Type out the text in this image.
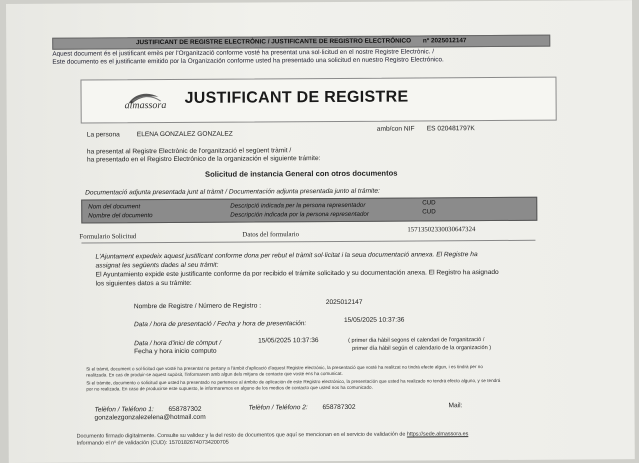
JUSTIFICANT DE REGISTRE ELECTRÒNIC / JUSTIFICANTE DE REGISTRO ELECTRÓNICO nº 2025012147
Aquest document és el justificant emès per l'Organització conforme vosté ha presentat una sol·licitud en el nostre Registre Electrònic. /
Este documento es el justificante emitido por la Organización conforme usted ha presentado una solicitud en nuestro Registro Electrónico.
almassora JUSTIFICANT DE REGISTRE
La persona	ELENA GONZALEZ GONZALEZ
amb/con NIF ES 020481797K
ha presentat al Registre Electrònic de l'organització el següent tràmit /
ha presentado en el Registro Electrónico de la organización el siguiente trámite:
Solicitud de instancia General con otros documentos
Documentació adjunta presentada junt al tràmit / Documentación adjunta presentada junto al trámite:
Nom del document	Descripció indicada per la persona representador	CUD
Nombre del documento	Descripción indicada por la persona representador	CUD
Formulario Solicitud	Datos del formulario
15713502330030647324
L'Ajuntament expedeix aquest justificant conforme dona per rebut el tràmit sol·licitat i la seua documentació annexa. El Registre ha
assignat les següents dades al seu tràmit:
El Ayuntamiento expide este justificante conforme da por recibido el trámite solicitado y su documentación anexa. El Registro ha asignado
los siguientes datos a su trámite:
Nombre de Registre / Número de Registro :
2025012147
Data / hora de presentació / Fecha y hora de presentación:	15/05/2025 10:37:36
Data / hora d'inici de còmput /
Fecha y hora inicio computo
15/05/2025 10:37:36	( primer dia hàbil segons el calendari de l'organització /
primer día hábil según el calendario de la organización )
Si el tràmit, document o sol·licitud que vosté ha presentat no pertany a l'àmbit d'aplicació d'aquest Registre electrònic, la presentació que vosté ha realitzat no tindrà efecte algun, i es tindrà per no
realitzada. En cas de produir-se aquest supòsit, l'informarem amb algun dels mitjans de contacte que vosté ens ha comunicat.
Si el trámite, documento o solicitud que usted ha presentado no pertenece al ámbito de aplicación de este Registro electrónico, la presentación que usted ha realizado no tendrá efecto alguno, y se tendrá
por no realizada. En caso de producirse este supuesto, le informaremos en alguno de los medios de contacto que usted nos ha comunicado.
Telèfon / Teléfono 1: 658787302	Telèfon / Teléfono 2: 658787302	Mail:
gonzalezgonzalezelena@hotmail.com
Documento firmado digitalmente. Consulte su validez y la del resto de documentos que aquí se mencionan en el servicio de validación de https://sede.almassora.es
Informando el nº de validación (CUD): 15701826740734200705
